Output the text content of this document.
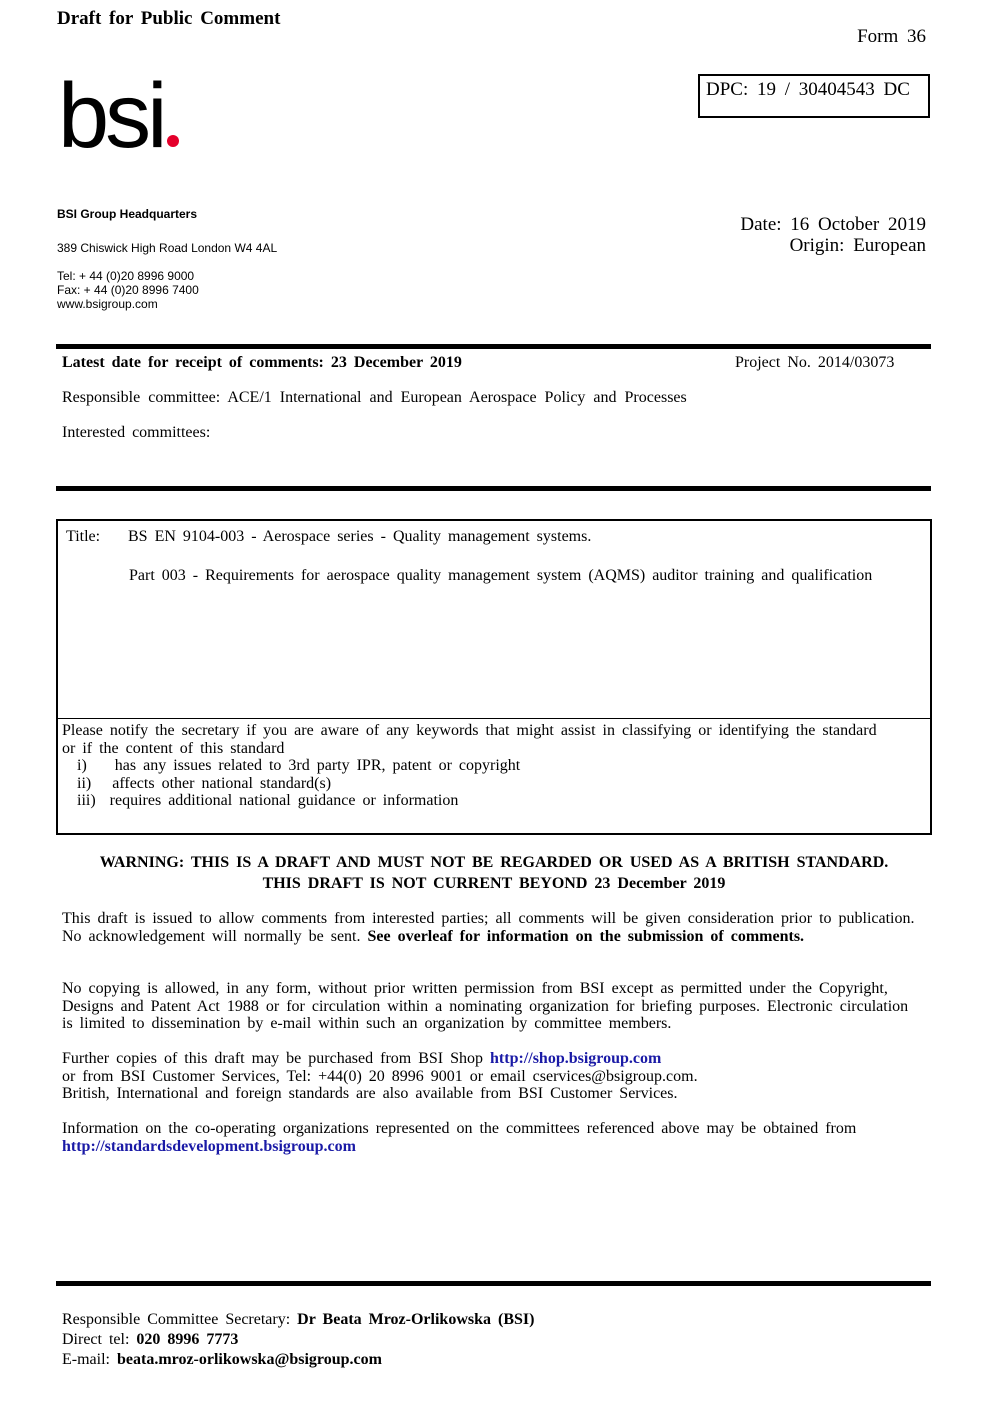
Draft for Public Comment
Form 36
DPC: 19 / 30404543 DC
bsi
BSI Group Headquarters
389 Chiswick High Road London W4 4AL
Tel: + 44 (0)20 8996 9000
Fax: + 44 (0)20 8996 7400
www.bsigroup.com
Date: 16 October 2019
Origin: European
Latest date for receipt of comments: 23 December 2019	Project No. 2014/03073
Responsible committee: ACE/1 International and European Aerospace Policy and Processes
Interested committees:
Title: BS EN 9104-003 - Aerospace series - Quality management systems.
Part 003 - Requirements for aerospace quality management system (AQMS) auditor training and qualification
Please notify the secretary if you are aware of any keywords that might assist in classifying or identifying the standard or if the content of this standard
i)    has any issues related to 3rd party IPR, patent or copyright
ii)   affects other national standard(s)
iii)  requires additional national guidance or information
WARNING: THIS IS A DRAFT AND MUST NOT BE REGARDED OR USED AS A BRITISH STANDARD.
THIS DRAFT IS NOT CURRENT BEYOND 23 December 2019
This draft is issued to allow comments from interested parties; all comments will be given consideration prior to publication. No acknowledgement will normally be sent. See overleaf for information on the submission of comments.
No copying is allowed, in any form, without prior written permission from BSI except as permitted under the Copyright, Designs and Patent Act 1988 or for circulation within a nominating organization for briefing purposes. Electronic circulation is limited to dissemination by e-mail within such an organization by committee members.
Further copies of this draft may be purchased from BSI Shop http://shop.bsigroup.com
or from BSI Customer Services, Tel: +44(0) 20 8996 9001 or email cservices@bsigroup.com.
British, International and foreign standards are also available from BSI Customer Services.
Information on the co-operating organizations represented on the committees referenced above may be obtained from
http://standardsdevelopment.bsigroup.com
Responsible Committee Secretary: Dr Beata Mroz-Orlikowska (BSI)
Direct tel: 020 8996 7773
E-mail: beata.mroz-orlikowska@bsigroup.com
